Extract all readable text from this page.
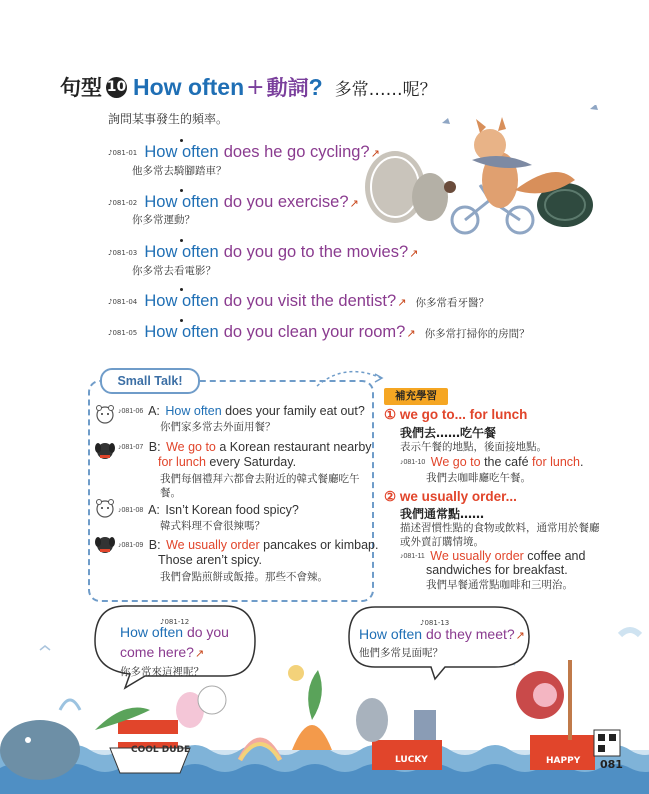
句型 10 How often + 動詞 ? 多常……呢？
詢問某事發生的頻率。
♪081-01 How often does he go cycling?↗
他多常去騎腳踏車？
♪081-02 How often do you exercise?↗
你多常運動？
♪081-03 How often do you go to the movies?↗
你多常去看電影？
♪081-04 How often do you visit the dentist?↗ 你多常看牙醫？
♪081-05 How often do you clean your room?↗ 你多常打掃你的房間？
Small Talk!
♪081-06 A: How often does your family eat out?
你們家多常去外面用餐？
♪081-07 B: We go to a Korean restaurant nearby
for lunch every Saturday.
我們每個禮拜六都會去附近的韓式餐廳吃午
餐。
♪081-08 A: Isn’t Korean food spicy?
韓式料理不會很辣嗎？
♪081-09 B: We usually order pancakes or kimbap.
Those aren’t spicy.
我們會點煎餅或飯捲。那些不會辣。
補充學習
① we go to... for lunch
我們去……吃午餐
表示午餐的地點，後面接地點。
♪081-10 We go to the café for lunch.
我們去咖啡廳吃午餐。
② we usually order...
我們通常點……
描述習慣性點的食物或飲料，通常用於餐廳
或外賣訂購情境。
♪081-11 We usually order coffee and
sandwiches for breakfast.
我們早餐通常點咖啡和三明治。
COOL DUDE
LUCKY	HAPPY
♪081-12
How often do you
come here?↗
你多常來這裡呢？
♪081-13
How often do they meet?↗
他們多常見面呢？
081
